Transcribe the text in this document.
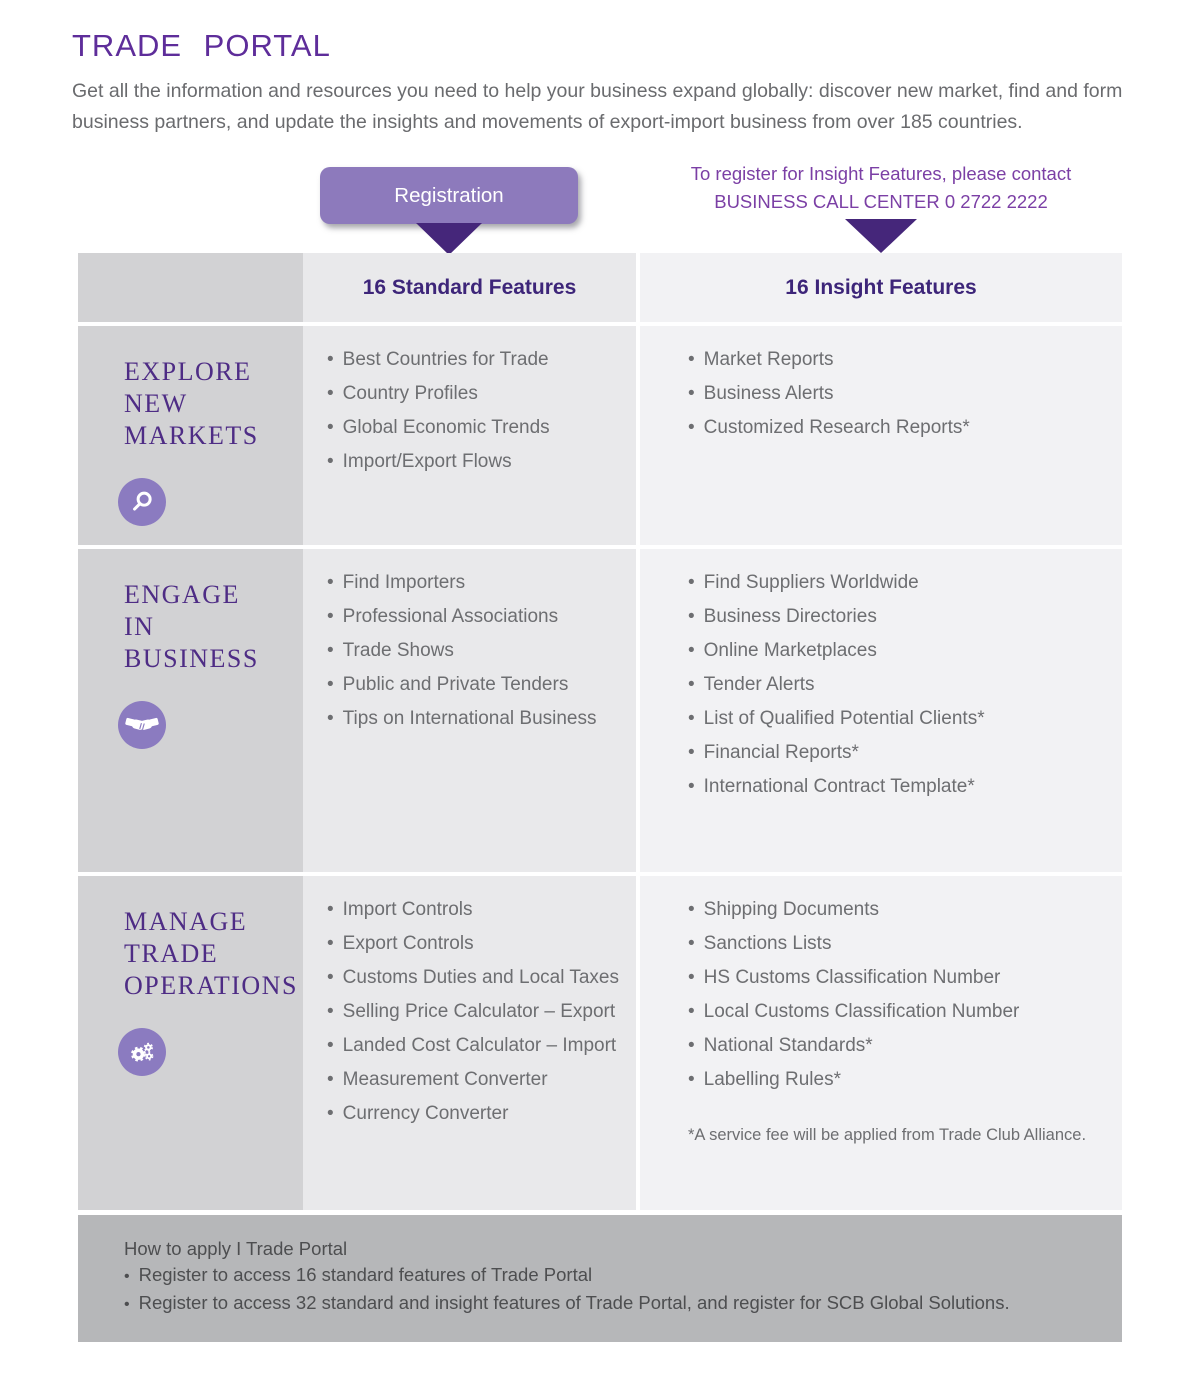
TRADE PORTAL

Get all the information and resources you need to help your business expand globally: discover new market, find and form business partners, and update the insights and movements of export-import business from over 185 countries.

Registration
To register for Insight Features, please contact
BUSINESS CALL CENTER 0 2722 2222
16 Standard Features	16 Insight Features
EXPLORE
NEW
MARKETS
• Best Countries for Trade
• Country Profiles
• Global Economic Trends
• Import/Export Flows
• Market Reports
• Business Alerts
• Customized Research Reports*
ENGAGE
IN
BUSINESS
• Find Importers
• Professional Associations
• Trade Shows
• Public and Private Tenders
• Tips on International Business
• Find Suppliers Worldwide
• Business Directories
• Online Marketplaces
• Tender Alerts
• List of Qualified Potential Clients*
• Financial Reports*
• International Contract Template*
MANAGE
TRADE
OPERATIONS
• Import Controls
• Export Controls
• Customs Duties and Local Taxes
• Selling Price Calculator – Export
• Landed Cost Calculator – Import
• Measurement Converter
• Currency Converter
• Shipping Documents
• Sanctions Lists
• HS Customs Classification Number
• Local Customs Classification Number
• National Standards*
• Labelling Rules*
*A service fee will be applied from Trade Club Alliance.
How to apply I Trade Portal
• Register to access 16 standard features of Trade Portal
• Register to access 32 standard and insight features of Trade Portal, and register for SCB Global Solutions.
